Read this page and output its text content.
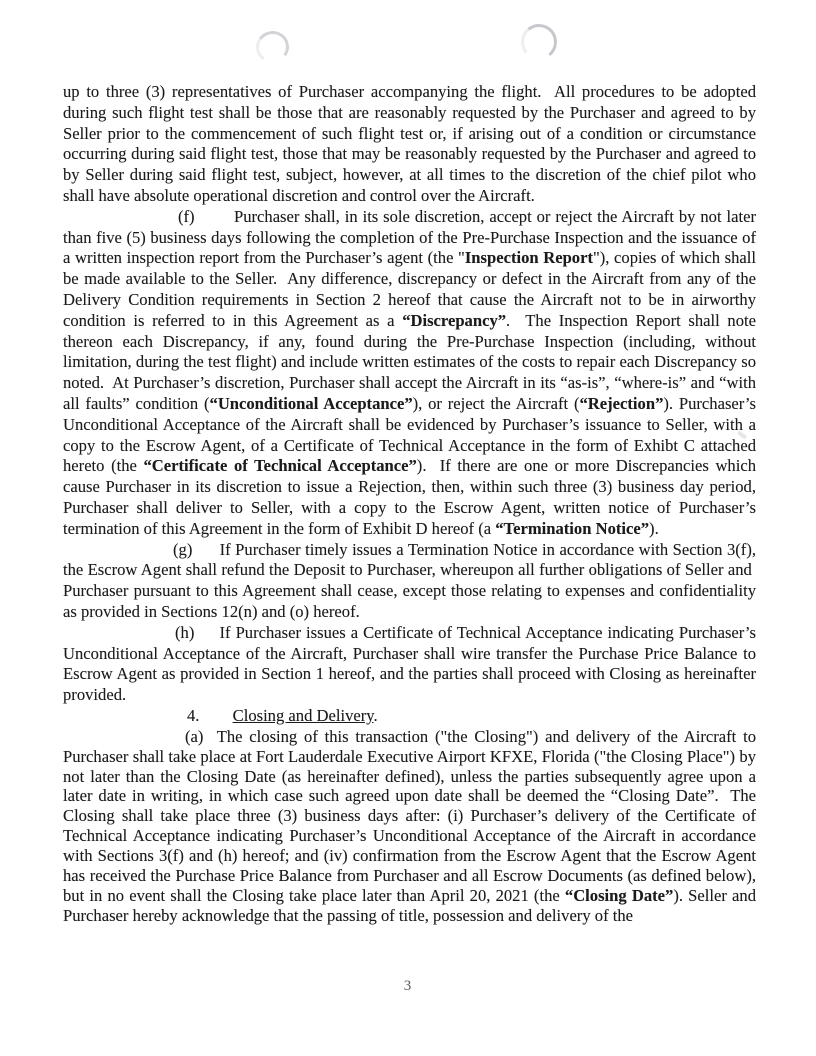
up to three (3) representatives of Purchaser accompanying the flight.  All procedures to be adopted during such flight test shall be those that are reasonably requested by the Purchaser and agreed to by Seller prior to the commencement of such flight test or, if arising out of a condition or circumstance occurring during said flight test, those that may be reasonably requested by the Purchaser and agreed to by Seller during said flight test, subject, however, at all times to the discretion of the chief pilot who shall have absolute operational discretion and control over the Aircraft.

(f)        Purchaser shall, in its sole discretion, accept or reject the Aircraft by not later than five (5) business days following the completion of the Pre-Purchase Inspection and the issuance of a written inspection report from the Purchaser’s agent (the "Inspection Report"), copies of which shall be made available to the Seller.  Any difference, discrepancy or defect in the Aircraft from any of the Delivery Condition requirements in Section 2 hereof that cause the Aircraft not to be in airworthy condition is referred to in this Agreement as a “Discrepancy”.  The Inspection Report shall note thereon each Discrepancy, if any, found during the Pre-Purchase Inspection (including, without limitation, during the test flight) and include written estimates of the costs to repair each Discrepancy so noted.  At Purchaser’s discretion, Purchaser shall accept the Aircraft in its “as-is”, “where-is” and “with all faults” condition (“Unconditional Acceptance”), or reject the Aircraft (“Rejection”). Purchaser’s Unconditional Acceptance of the Aircraft shall be evidenced by Purchaser’s issuance to Seller, with a copy to the Escrow Agent, of a Certificate of Technical Acceptance in the form of Exhibt C attached hereto (the “Certificate of Technical Acceptance”).  If there are one or more Discrepancies which cause Purchaser in its discretion to issue a Rejection, then, within such three (3) business day period, Purchaser shall deliver to Seller, with a copy to the Escrow Agent, written notice of Purchaser’s termination of this Agreement in the form of Exhibit D hereof (a “Termination Notice”).

(g)      If Purchaser timely issues a Termination Notice in accordance with Section 3(f), the Escrow Agent shall refund the Deposit to Purchaser, whereupon all further obligations of Seller and  Purchaser pursuant to this Agreement shall cease, except those relating to expenses and confidentiality as provided in Sections 12(n) and (o) hereof.

(h)     If Purchaser issues a Certificate of Technical Acceptance indicating Purchaser’s Unconditional Acceptance of the Aircraft, Purchaser shall wire transfer the Purchase Price Balance to Escrow Agent as provided in Section 1 hereof, and the parties shall proceed with Closing as hereinafter provided.

4.        Closing and Delivery.

(a)  The closing of this transaction ("the Closing") and delivery of the Aircraft to Purchaser shall take place at Fort Lauderdale Executive Airport KFXE, Florida ("the Closing Place") by not later than the Closing Date (as hereinafter defined), unless the parties subsequently agree upon a later date in writing, in which case such agreed upon date shall be deemed the “Closing Date”.  The Closing shall take place three (3) business days after: (i) Purchaser’s delivery of the Certificate of Technical Acceptance indicating Purchaser’s Unconditional Acceptance of the Aircraft in accordance with Sections 3(f) and (h) hereof; and (iv) confirmation from the Escrow Agent that the Escrow Agent has received the Purchase Price Balance from Purchaser and all Escrow Documents (as defined below), but in no event shall the Closing take place later than April 20, 2021 (the “Closing Date”). Seller and Purchaser hereby acknowledge that the passing of title, possession and delivery of the

3
